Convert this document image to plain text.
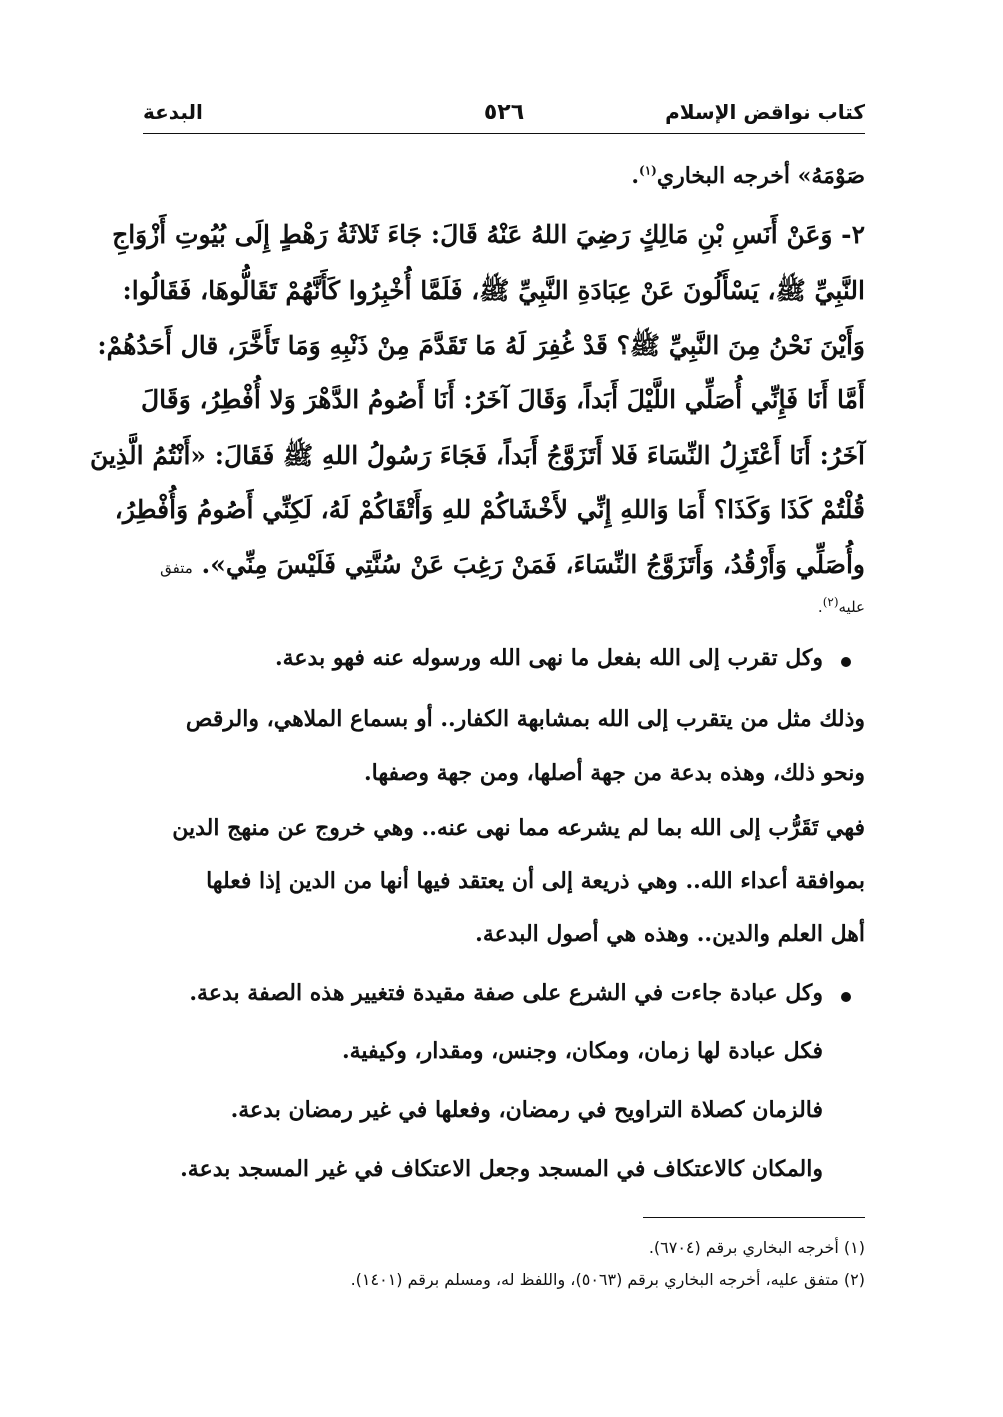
كتاب نواقض الإسلام
٥٢٦
البدعة

صَوْمَهُ» أخرجه البخاري$^{(١)}$.

٢- وَعَنْ أَنَسِ بْنِ مَالِكٍ رَضِيَ اللهُ عَنْهُ قَالَ: جَاءَ ثَلاثَةُ رَهْطٍ إِلَى بُيُوتِ أَزْوَاجِ

النَّبِيِّ ﷺ، يَسْأَلُونَ عَنْ عِبَادَةِ النَّبِيِّ ﷺ، فَلَمَّا أُخْبِرُوا كَأَنَّهُمْ تَقَالُّوهَا، فَقَالُوا:

وَأَيْنَ نَحْنُ مِنَ النَّبِيِّ ﷺ؟ قَدْ غُفِرَ لَهُ مَا تَقَدَّمَ مِنْ ذَنْبِهِ وَمَا تَأَخَّرَ، قال أَحَدُهُمْ:

أَمَّا أَنَا فَإِنِّي أُصَلِّي اللَّيْلَ أَبَداً، وَقَالَ آخَرُ: أَنَا أَصُومُ الدَّهْرَ وَلا أُفْطِرُ، وَقَالَ

آخَرُ: أَنَا أَعْتَزِلُ النِّسَاءَ فَلا أَتَزَوَّجُ أَبَداً، فَجَاءَ رَسُولُ اللهِ ﷺ فَقَالَ: «أَنْتُمُ الَّذِينَ

قُلْتُمْ كَذَا وَكَذَا؟ أَمَا وَاللهِ إِنِّي لأَخْشَاكُمْ للهِ وَأَتْقَاكُمْ لَهُ، لَكِنِّي أَصُومُ وَأُفْطِرُ،

وأُصَلِّي وَأَرْقُدُ، وَأَتَزَوَّجُ النِّسَاءَ، فَمَنْ رَغِبَ عَنْ سُنَّتِي فَلَيْسَ مِنِّي». متفق

عليه$^{(٢)}$.

وكل تقرب إلى الله بفعل ما نهى الله ورسوله عنه فهو بدعة.

وذلك مثل من يتقرب إلى الله بمشابهة الكفار.. أو بسماع الملاهي، والرقص

ونحو ذلك، وهذه بدعة من جهة أصلها، ومن جهة وصفها.

فهي تَقَرُّب إلى الله بما لم يشرعه مما نهى عنه.. وهي خروج عن منهج الدين

بموافقة أعداء الله.. وهي ذريعة إلى أن يعتقد فيها أنها من الدين إذا فعلها

أهل العلم والدين.. وهذه هي أصول البدعة.

وكل عبادة جاءت في الشرع على صفة مقيدة فتغيير هذه الصفة بدعة.

فكل عبادة لها زمان، ومكان، وجنس، ومقدار، وكيفية.

فالزمان كصلاة التراويح في رمضان، وفعلها في غير رمضان بدعة.

والمكان كالاعتكاف في المسجد وجعل الاعتكاف في غير المسجد بدعة.

(١) أخرجه البخاري برقم (٦٧٠٤).
(٢) متفق عليه، أخرجه البخاري برقم (٥٠٦٣)، واللفظ له، ومسلم برقم (١٤٠١).
